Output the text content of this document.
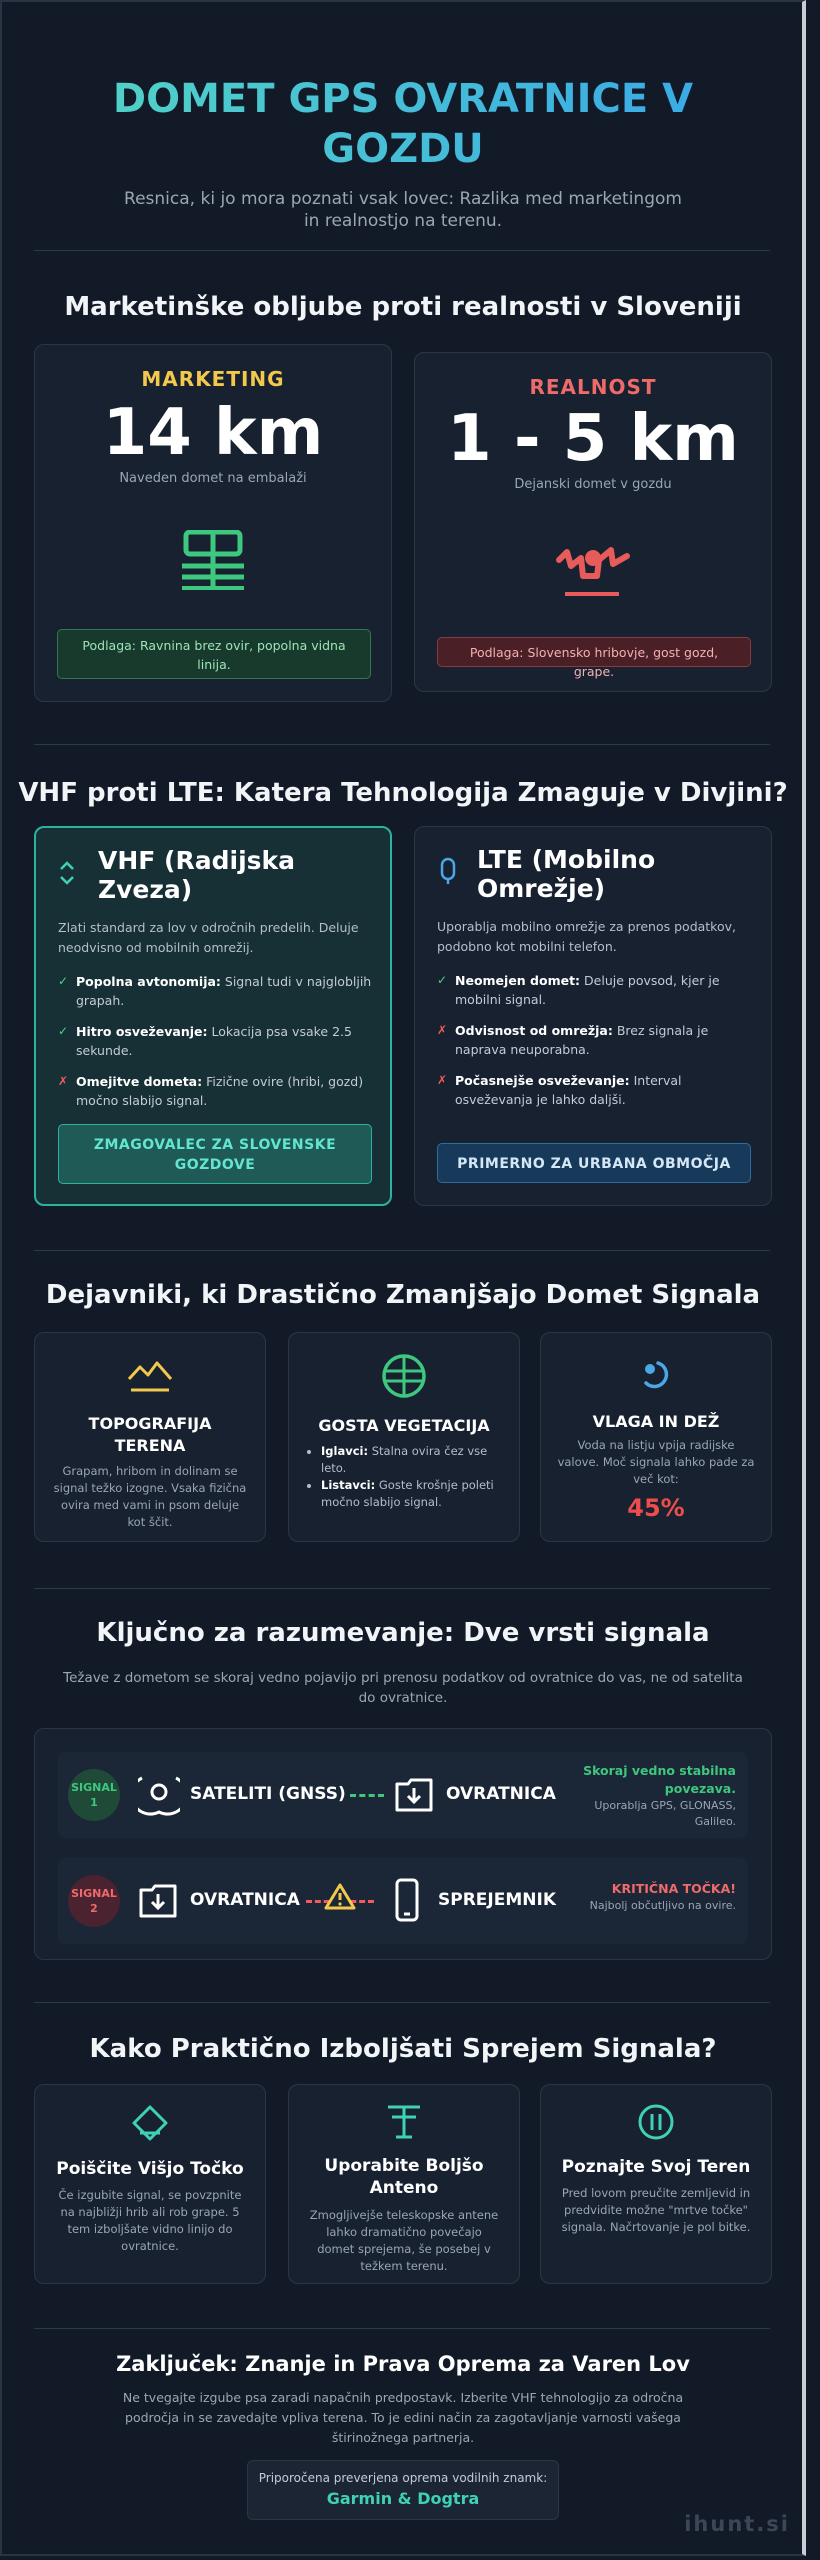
DOMET GPS OVRATNICE V GOZDU
Resnica, ki jo mora poznati vsak lovec: Razlika med marketingom in realnostjo na terenu.
Marketinške obljube proti realnosti v Sloveniji
MARKETING
14 km
Naveden domet na embalaži
Podlaga: Ravnina brez ovir, popolna vidna linija.
REALNOST
1 - 5 km
Dejanski domet v gozdu
Podlaga: Slovensko hribovje, gost gozd, grape.
VHF proti LTE: Katera Tehnologija Zmaguje v Divjini?
VHF (Radijska Zveza)
Zlati standard za lov v odročnih predelih. Deluje neodvisno od mobilnih omrežij.
✓ Popolna avtonomija: Signal tudi v najglobljih grapah.
✓ Hitro osveževanje: Lokacija psa vsake 2.5 sekunde.
✗ Omejitve dometa: Fizične ovire (hribi, gozd) močno slabijo signal.
ZMAGOVALEC ZA SLOVENSKE GOZDOVE
LTE (Mobilno Omrežje)
Uporablja mobilno omrežje za prenos podatkov, podobno kot mobilni telefon.
✓ Neomejen domet: Deluje povsod, kjer je mobilni signal.
✗ Odvisnost od omrežja: Brez signala je naprava neuporabna.
✗ Počasnejše osveževanje: Interval osveževanja je lahko daljši.
PRIMERNO ZA URBANA OBMOČJA
Dejavniki, ki Drastično Zmanjšajo Domet Signala
TOPOGRAFIJA TERENA
Grapam, hribom in dolinam se signal težko izogne. Vsaka fizična ovira med vami in psom deluje kot ščit.
GOSTA VEGETACIJA
• Iglavci: Stalna ovira čez vse leto.
• Listavci: Goste krošnje poleti močno slabijo signal.
VLAGA IN DEŽ
Voda na listju vpija radijske valove. Moč signala lahko pade za več kot:
45%
Ključno za razumevanje: Dve vrsti signala
Težave z dometom se skoraj vedno pojavijo pri prenosu podatkov od ovratnice do vas, ne od satelita do ovratnice.
SIGNAL
1	SATELITI (GNSS)	OVRATNICA
Skoraj vedno stabilna povezava.
Uporablja GPS, GLONASS, Galileo.
SIGNAL
2	OVRATNICA	SPREJEMNIK
KRITIČNA TOČKA!
Najbolj občutljivo na ovire.
Kako Praktično Izboljšati Sprejem Signala?
Poiščite Višjo Točko
Če izgubite signal, se povzpnite na najbližji hrib ali rob grape. 5 tem izboljšate vidno linijo do ovratnice.
Uporabite Boljšo Anteno
Zmogljivejše teleskopske antene lahko dramatično povečajo domet sprejema, še posebej v težkem terenu.
Poznajte Svoj Teren
Pred lovom preučite zemljevid in predvidite možne "mrtve točke" signala. Načrtovanje je pol bitke.
Zaključek: Znanje in Prava Oprema za Varen Lov
Ne tvegajte izgube psa zaradi napačnih predpostavk. Izberite VHF tehnologijo za odročna področja in se zavedajte vpliva terena. To je edini način za zagotavljanje varnosti vašega štirinožnega partnerja.
Priporočena preverjena oprema vodilnih znamk:
Garmin & Dogtra
ihunt.si
